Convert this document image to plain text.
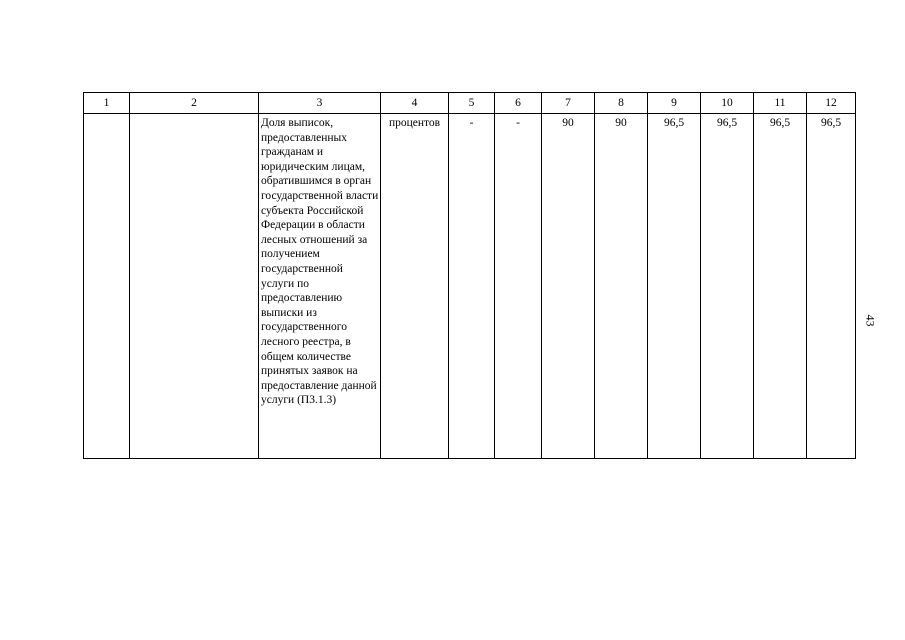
1	2	3	4	5	6	7	8	9	10	11	12
		Доля выписок, предоставленных гражданам и юридическим лицам, обратившимся в орган государственной власти субъекта Российской Федерации в области лесных отношений за получением государственной услуги по предоставлению выписки из государственного лесного реестра, в общем количестве принятых заявок на предоставление данной услуги (П3.1.3)	процентов	-	-	90	90	96,5	96,5	96,5	96,5
43
